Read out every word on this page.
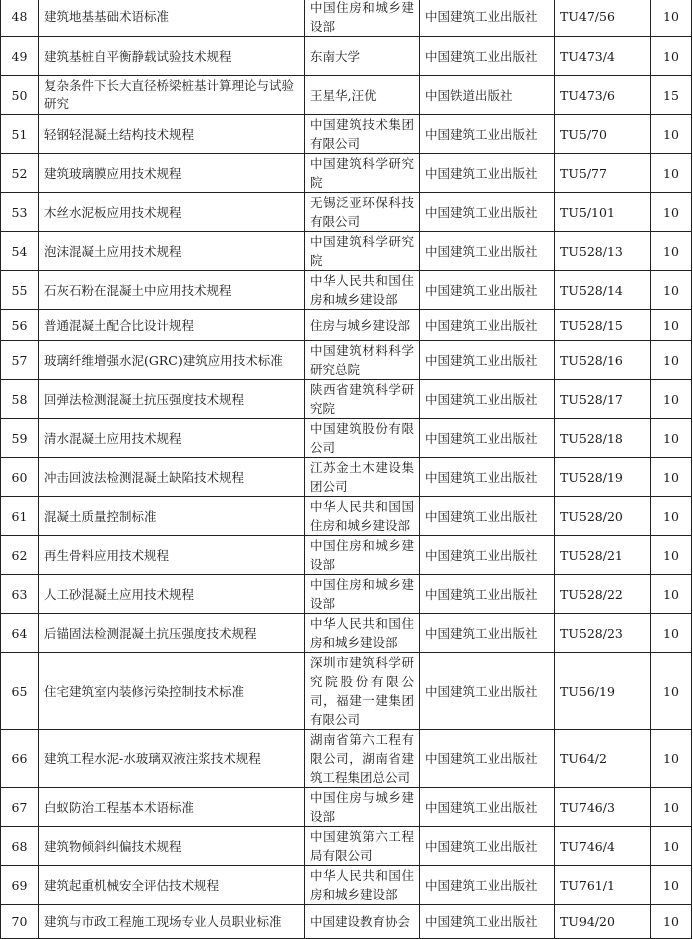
48	建筑地基基础术语标准	中国住房和城乡建设部	中国建筑工业出版社	TU47/56	10
49	建筑基桩自平衡静载试验技术规程	东南大学	中国建筑工业出版社	TU473/4	10
50	复杂条件下长大直径桥梁桩基计算理论与试验研究	王星华,汪优	中国铁道出版社	TU473/6	15
51	轻钢轻混凝土结构技术规程	中国建筑技术集团有限公司	中国建筑工业出版社	TU5/70	10
52	建筑玻璃膜应用技术规程	中国建筑科学研究院	中国建筑工业出版社	TU5/77	10
53	木丝水泥板应用技术规程	无锡泛亚环保科技有限公司	中国建筑工业出版社	TU5/101	10
54	泡沫混凝土应用技术规程	中国建筑科学研究院	中国建筑工业出版社	TU528/13	10
55	石灰石粉在混凝土中应用技术规程	中华人民共和国住房和城乡建设部	中国建筑工业出版社	TU528/14	10
56	普通混凝土配合比设计规程	住房与城乡建设部	中国建筑工业出版社	TU528/15	10
57	玻璃纤维增强水泥(GRC)建筑应用技术标准	中国建筑材料科学研究总院	中国建筑工业出版社	TU528/16	10
58	回弹法检测混凝土抗压强度技术规程	陕西省建筑科学研究院	中国建筑工业出版社	TU528/17	10
59	清水混凝土应用技术规程	中国建筑股份有限公司	中国建筑工业出版社	TU528/18	10
60	冲击回波法检测混凝土缺陷技术规程	江苏金土木建设集团公司	中国建筑工业出版社	TU528/19	10
61	混凝土质量控制标准	中华人民共和国国住房和城乡建设部	中国建筑工业出版社	TU528/20	10
62	再生骨料应用技术规程	中国住房和城乡建设部	中国建筑工业出版社	TU528/21	10
63	人工砂混凝土应用技术规程	中国住房和城乡建设部	中国建筑工业出版社	TU528/22	10
64	后锚固法检测混凝土抗压强度技术规程	中华人民共和国住房和城乡建设部	中国建筑工业出版社	TU528/23	10
65	住宅建筑室内装修污染控制技术标准	深圳市建筑科学研究院股份有限公司，福建一建集团有限公司	中国建筑工业出版社	TU56/19	10
66	建筑工程水泥-水玻璃双液注浆技术规程	湖南省第六工程有限公司，湖南省建筑工程集团总公司	中国建筑工业出版社	TU64/2	10
67	白蚁防治工程基本术语标准	中国住房与城乡建设部	中国建筑工业出版社	TU746/3	10
68	建筑物倾斜纠偏技术规程	中国建筑第六工程局有限公司	中国建筑工业出版社	TU746/4	10
69	建筑起重机械安全评估技术规程	中华人民共和国住房和城乡建设部	中国建筑工业出版社	TU761/1	10
70	建筑与市政工程施工现场专业人员职业标准	中国建设教育协会	中国建筑工业出版社	TU94/20	10
